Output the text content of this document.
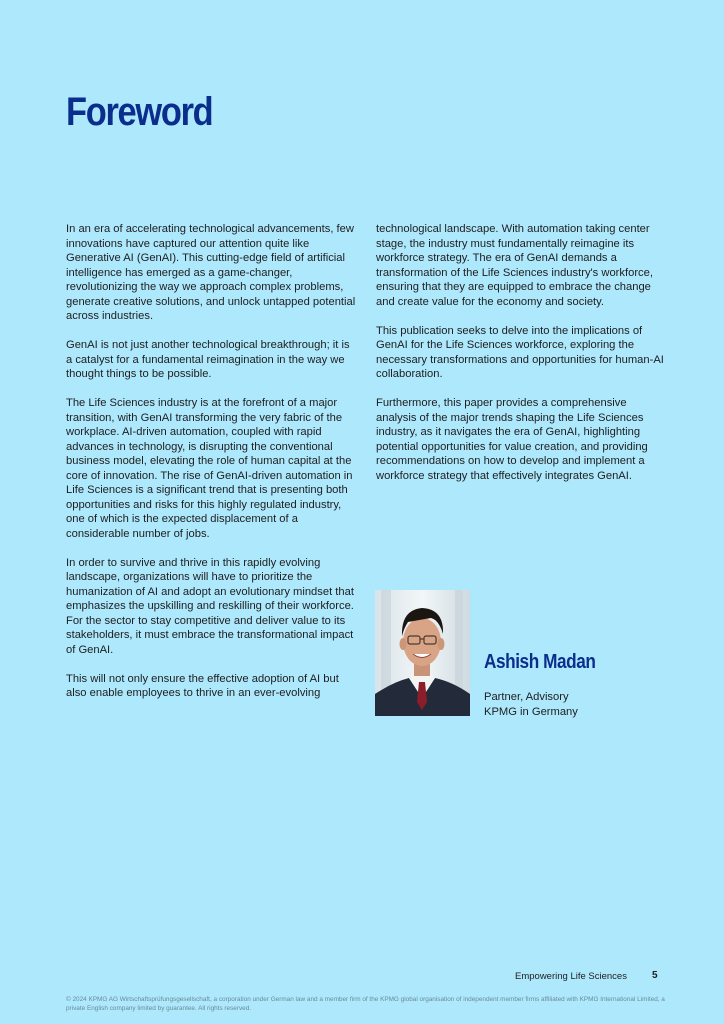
Foreword

In an era of accelerating technological advancements, few innovations have captured our attention quite like Generative AI (GenAI). This cutting-edge field of artificial intelligence has emerged as a game-changer, revolutionizing the way we approach complex problems, generate creative solutions, and unlock untapped potential across industries.

GenAI is not just another technological breakthrough; it is a catalyst for a fundamental reimagination in the way we thought things to be possible.

The Life Sciences industry is at the forefront of a major transition, with GenAI transforming the very fabric of the workplace. AI-driven automation, coupled with rapid advances in technology, is disrupting the conventional business model, elevating the role of human capital at the core of innovation. The rise of GenAI-driven automation in Life Sciences is a significant trend that is presenting both opportunities and risks for this highly regulated industry, one of which is the expected displacement of a considerable number of jobs.

In order to survive and thrive in this rapidly evolving landscape, organizations will have to prioritize the humanization of AI and adopt an evolutionary mindset that emphasizes the upskilling and reskilling of their workforce. For the sector to stay competitive and deliver value to its stakeholders, it must embrace the transformational impact of GenAI.

This will not only ensure the effective adoption of AI but also enable employees to thrive in an ever-evolving

technological landscape. With automation taking center stage, the industry must fundamentally reimagine its workforce strategy. The era of GenAI demands a transformation of the Life Sciences industry's workforce, ensuring that they are equipped to embrace the change and create value for the economy and society.

This publication seeks to delve into the implications of GenAI for the Life Sciences workforce, exploring the necessary transformations and opportunities for human-AI collaboration.

Furthermore, this paper provides a comprehensive analysis of the major trends shaping the Life Sciences industry, as it navigates the era of GenAI, highlighting potential opportunities for value creation, and providing recommendations on how to develop and implement a workforce strategy that effectively integrates GenAI.

Ashish Madan
Partner, Advisory
KPMG in Germany
Empowering Life Sciences	5
© 2024 KPMG AG Wirtschaftsprüfungsgesellschaft, a corporation under German law and a member firm of the KPMG global organisation of independent member firms affiliated with KPMG International Limited, a private English company limited by guarantee. All rights reserved.
